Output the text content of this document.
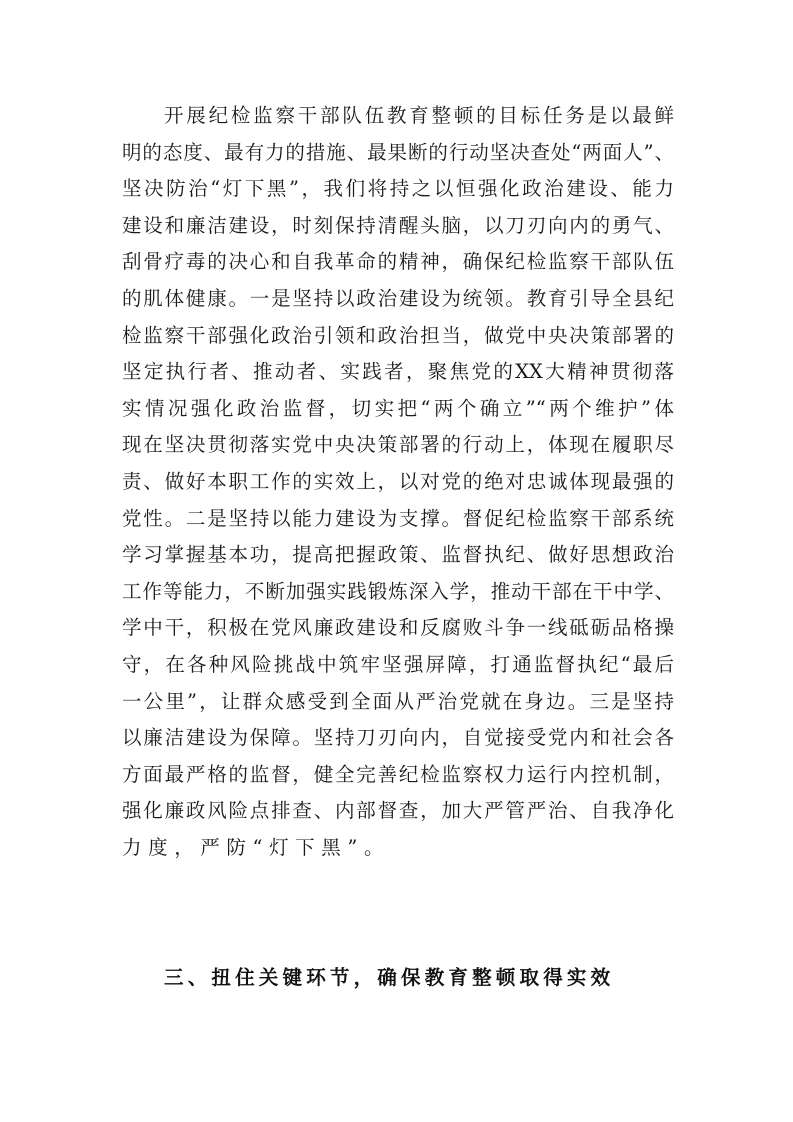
开展纪检监察干部队伍教育整顿的目标任务是以最鲜
明的态度、最有力的措施、最果断的行动坚决查处“两面人”、
坚决防治“灯下黑”，我们将持之以恒强化政治建设、能力
建设和廉洁建设，时刻保持清醒头脑，以刀刃向内的勇气、
刮骨疗毒的决心和自我革命的精神，确保纪检监察干部队伍
的肌体健康。一是坚持以政治建设为统领。教育引导全县纪
检监察干部强化政治引领和政治担当，做党中央决策部署的
坚定执行者、推动者、实践者，聚焦党的XX大精神贯彻落
实情况强化政治监督，切实把“两个确立”“两个维护”体
现在坚决贯彻落实党中央决策部署的行动上，体现在履职尽
责、做好本职工作的实效上，以对党的绝对忠诚体现最强的
党性。二是坚持以能力建设为支撑。督促纪检监察干部系统
学习掌握基本功，提高把握政策、监督执纪、做好思想政治
工作等能力，不断加强实践锻炼深入学，推动干部在干中学、
学中干，积极在党风廉政建设和反腐败斗争一线砥砺品格操
守，在各种风险挑战中筑牢坚强屏障，打通监督执纪“最后
一公里”，让群众感受到全面从严治党就在身边。三是坚持
以廉洁建设为保障。坚持刀刃向内，自觉接受党内和社会各
方面最严格的监督，健全完善纪检监察权力运行内控机制，
强化廉政风险点排查、内部督查，加大严管严治、自我净化
力度，严防“灯下黑”。
三、扭住关键环节，确保教育整顿取得实效
